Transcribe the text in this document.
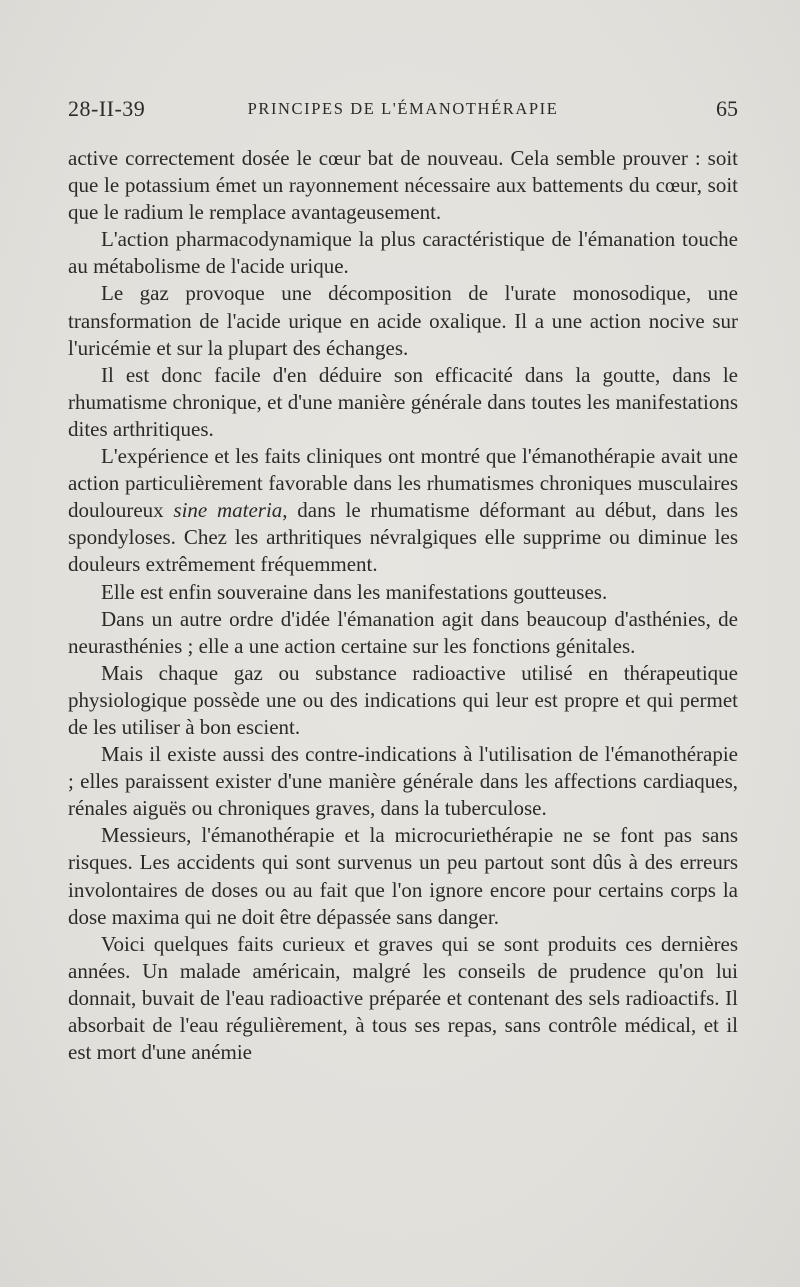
28-II-39	PRINCIPES DE L'ÉMANOTHÉRAPIE	65

active correctement dosée le cœur bat de nouveau. Cela semble prouver : soit que le potassium émet un rayonnement nécessaire aux battements du cœur, soit que le radium le remplace avantageusement.

L'action pharmacodynamique la plus caractéristique de l'émanation touche au métabolisme de l'acide urique.

Le gaz provoque une décomposition de l'urate monosodique, une transformation de l'acide urique en acide oxalique. Il a une action nocive sur l'uricémie et sur la plupart des échanges.

Il est donc facile d'en déduire son efficacité dans la goutte, dans le rhumatisme chronique, et d'une manière générale dans toutes les manifestations dites arthritiques.

L'expérience et les faits cliniques ont montré que l'émanothérapie avait une action particulièrement favorable dans les rhumatismes chroniques musculaires douloureux sine materia, dans le rhumatisme déformant au début, dans les spondyloses. Chez les arthritiques névralgiques elle supprime ou diminue les douleurs extrêmement fréquemment.

Elle est enfin souveraine dans les manifestations goutteuses.

Dans un autre ordre d'idée l'émanation agit dans beaucoup d'asthénies, de neurasthénies ; elle a une action certaine sur les fonctions génitales.

Mais chaque gaz ou substance radioactive utilisé en thérapeutique physiologique possède une ou des indications qui leur est propre et qui permet de les utiliser à bon escient.

Mais il existe aussi des contre-indications à l'utilisation de l'émanothérapie ; elles paraissent exister d'une manière générale dans les affections cardiaques, rénales aiguës ou chroniques graves, dans la tuberculose.

Messieurs, l'émanothérapie et la microcuriethérapie ne se font pas sans risques. Les accidents qui sont survenus un peu partout sont dûs à des erreurs involontaires de doses ou au fait que l'on ignore encore pour certains corps la dose maxima qui ne doit être dépassée sans danger.

Voici quelques faits curieux et graves qui se sont produits ces dernières années. Un malade américain, malgré les conseils de prudence qu'on lui donnait, buvait de l'eau radioactive préparée et contenant des sels radioactifs. Il absorbait de l'eau régulièrement, à tous ses repas, sans contrôle médical, et il est mort d'une anémie
